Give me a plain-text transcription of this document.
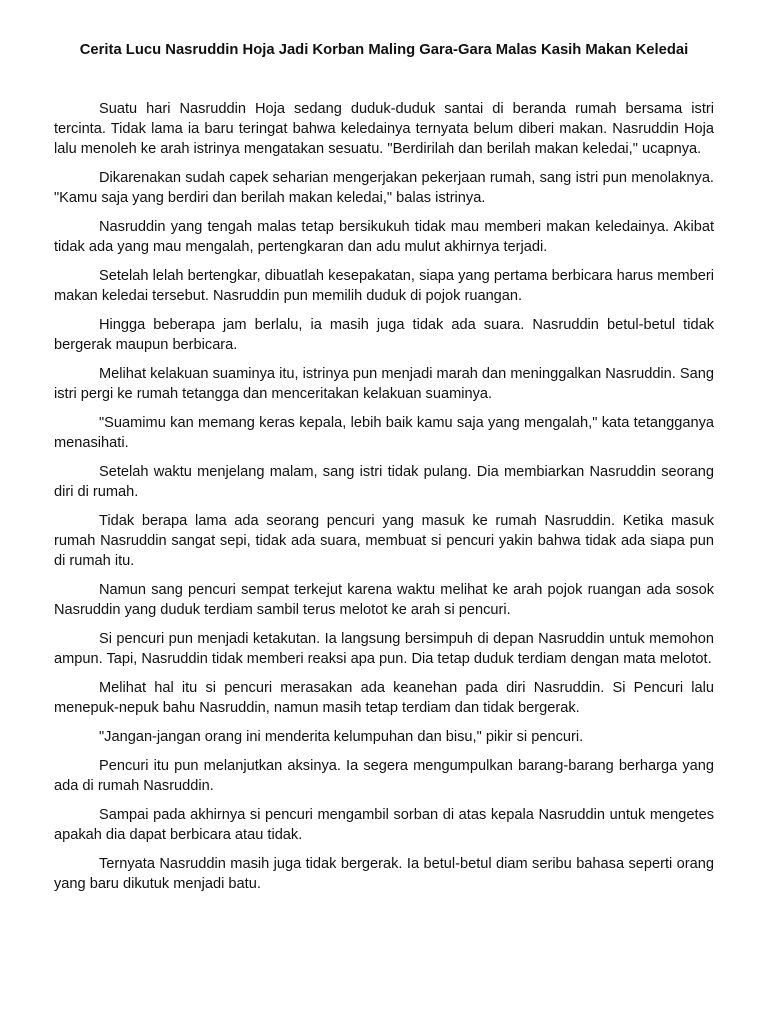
Cerita Lucu Nasruddin Hoja Jadi Korban Maling Gara-Gara Malas Kasih Makan Keledai

Suatu hari Nasruddin Hoja sedang duduk-duduk santai di beranda rumah bersama istri tercinta. Tidak lama ia baru teringat bahwa keledainya ternyata belum diberi makan. Nasruddin Hoja lalu menoleh ke arah istrinya mengatakan sesuatu. "Berdirilah dan berilah makan keledai," ucapnya.

Dikarenakan sudah capek seharian mengerjakan pekerjaan rumah, sang istri pun menolaknya. "Kamu saja yang berdiri dan berilah makan keledai," balas istrinya.

Nasruddin yang tengah malas tetap bersikukuh tidak mau memberi makan keledainya. Akibat tidak ada yang mau mengalah, pertengkaran dan adu mulut akhirnya terjadi.

Setelah lelah bertengkar, dibuatlah kesepakatan, siapa yang pertama berbicara harus memberi makan keledai tersebut. Nasruddin pun memilih duduk di pojok ruangan.

Hingga beberapa jam berlalu, ia masih juga tidak ada suara. Nasruddin betul-betul tidak bergerak maupun berbicara.

Melihat kelakuan suaminya itu, istrinya pun menjadi marah dan meninggalkan Nasruddin. Sang istri pergi ke rumah tetangga dan menceritakan kelakuan suaminya.

"Suamimu kan memang keras kepala, lebih baik kamu saja yang mengalah," kata tetangganya menasihati.

Setelah waktu menjelang malam, sang istri tidak pulang. Dia membiarkan Nasruddin seorang diri di rumah.

Tidak berapa lama ada seorang pencuri yang masuk ke rumah Nasruddin. Ketika masuk rumah Nasruddin sangat sepi, tidak ada suara, membuat si pencuri yakin bahwa tidak ada siapa pun di rumah itu.

Namun sang pencuri sempat terkejut karena waktu melihat ke arah pojok ruangan ada sosok Nasruddin yang duduk terdiam sambil terus melotot ke arah si pencuri.

Si pencuri pun menjadi ketakutan. Ia langsung bersimpuh di depan Nasruddin untuk memohon ampun. Tapi, Nasruddin tidak memberi reaksi apa pun. Dia tetap duduk terdiam dengan mata melotot.

Melihat hal itu si pencuri merasakan ada keanehan pada diri Nasruddin. Si Pencuri lalu menepuk-nepuk bahu Nasruddin, namun masih tetap terdiam dan tidak bergerak.

"Jangan-jangan orang ini menderita kelumpuhan dan bisu," pikir si pencuri.

Pencuri itu pun melanjutkan aksinya. Ia segera mengumpulkan barang-barang berharga yang ada di rumah Nasruddin.

Sampai pada akhirnya si pencuri mengambil sorban di atas kepala Nasruddin untuk mengetes apakah dia dapat berbicara atau tidak.

Ternyata Nasruddin masih juga tidak bergerak. Ia betul-betul diam seribu bahasa seperti orang yang baru dikutuk menjadi batu.
